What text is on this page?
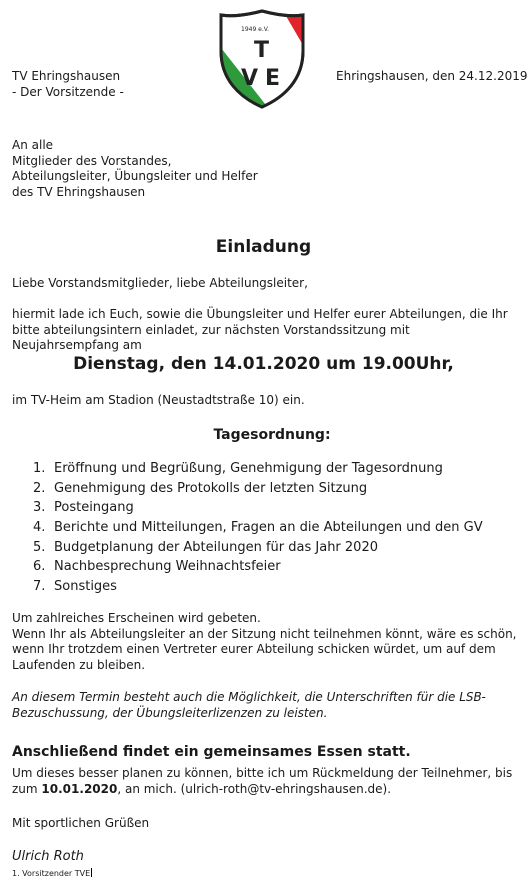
1949 e.V.
T
V E
TV Ehringshausen
- Der Vorsitzende -
Ehringshausen, den 24.12.2019
An alle
Mitglieder des Vorstandes,
Abteilungsleiter, Übungsleiter und Helfer
des TV Ehringshausen
Einladung
Liebe Vorstandsmitglieder, liebe Abteilungsleiter,
hiermit lade ich Euch, sowie die Übungsleiter und Helfer eurer Abteilungen, die Ihr bitte abteilungsintern einladet, zur nächsten Vorstandssitzung mit Neujahrsempfang am
Dienstag, den 14.01.2020 um 19.00Uhr,
im TV-Heim am Stadion (Neustadtstraße 10) ein.
Tagesordnung:
1. Eröffnung und Begrüßung, Genehmigung der Tagesordnung
2. Genehmigung des Protokolls der letzten Sitzung
3. Posteingang
4. Berichte und Mitteilungen, Fragen an die Abteilungen und den GV
5. Budgetplanung der Abteilungen für das Jahr 2020
6. Nachbesprechung Weihnachtsfeier
7. Sonstiges
Um zahlreiches Erscheinen wird gebeten.
Wenn Ihr als Abteilungsleiter an der Sitzung nicht teilnehmen könnt, wäre es schön, wenn Ihr trotzdem einen Vertreter eurer Abteilung schicken würdet, um auf dem Laufenden zu bleiben.
An diesem Termin besteht auch die Möglichkeit, die Unterschriften für die LSB-Bezuschussung, der Übungsleiterlizenzen zu leisten.
Anschließend findet ein gemeinsames Essen statt.
Um dieses besser planen zu können, bitte ich um Rückmeldung der Teilnehmer, bis zum 10.01.2020, an mich. (ulrich-roth@tv-ehringshausen.de).
Mit sportlichen Grüßen
Ulrich Roth
1. Vorsitzender TVE
